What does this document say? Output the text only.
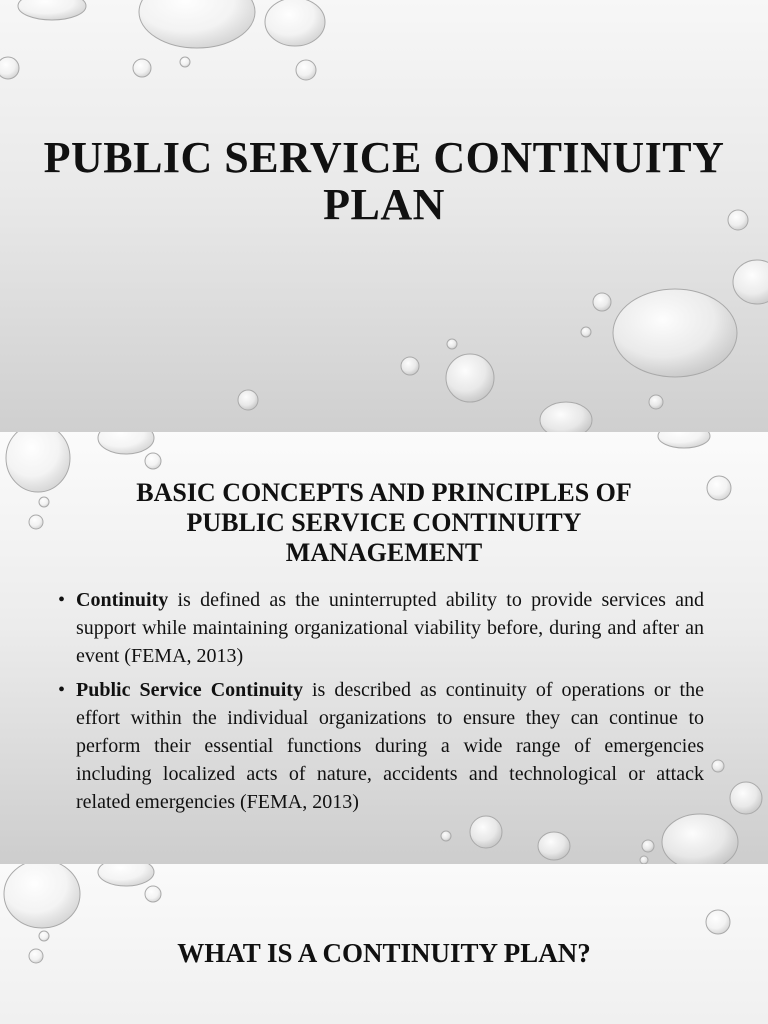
PUBLIC SERVICE CONTINUITY PLAN
BASIC CONCEPTS AND PRINCIPLES OF PUBLIC SERVICE CONTINUITY MANAGEMENT
• Continuity is defined as the uninterrupted ability to provide services and support while maintaining organizational viability before, during and after an event (FEMA, 2013)
• Public Service Continuity is described as continuity of operations or the effort within the individual organizations to ensure they can continue to perform their essential functions during a wide range of emergencies including localized acts of nature, accidents and technological or attack related emergencies (FEMA, 2013)
WHAT IS A CONTINUITY PLAN?
